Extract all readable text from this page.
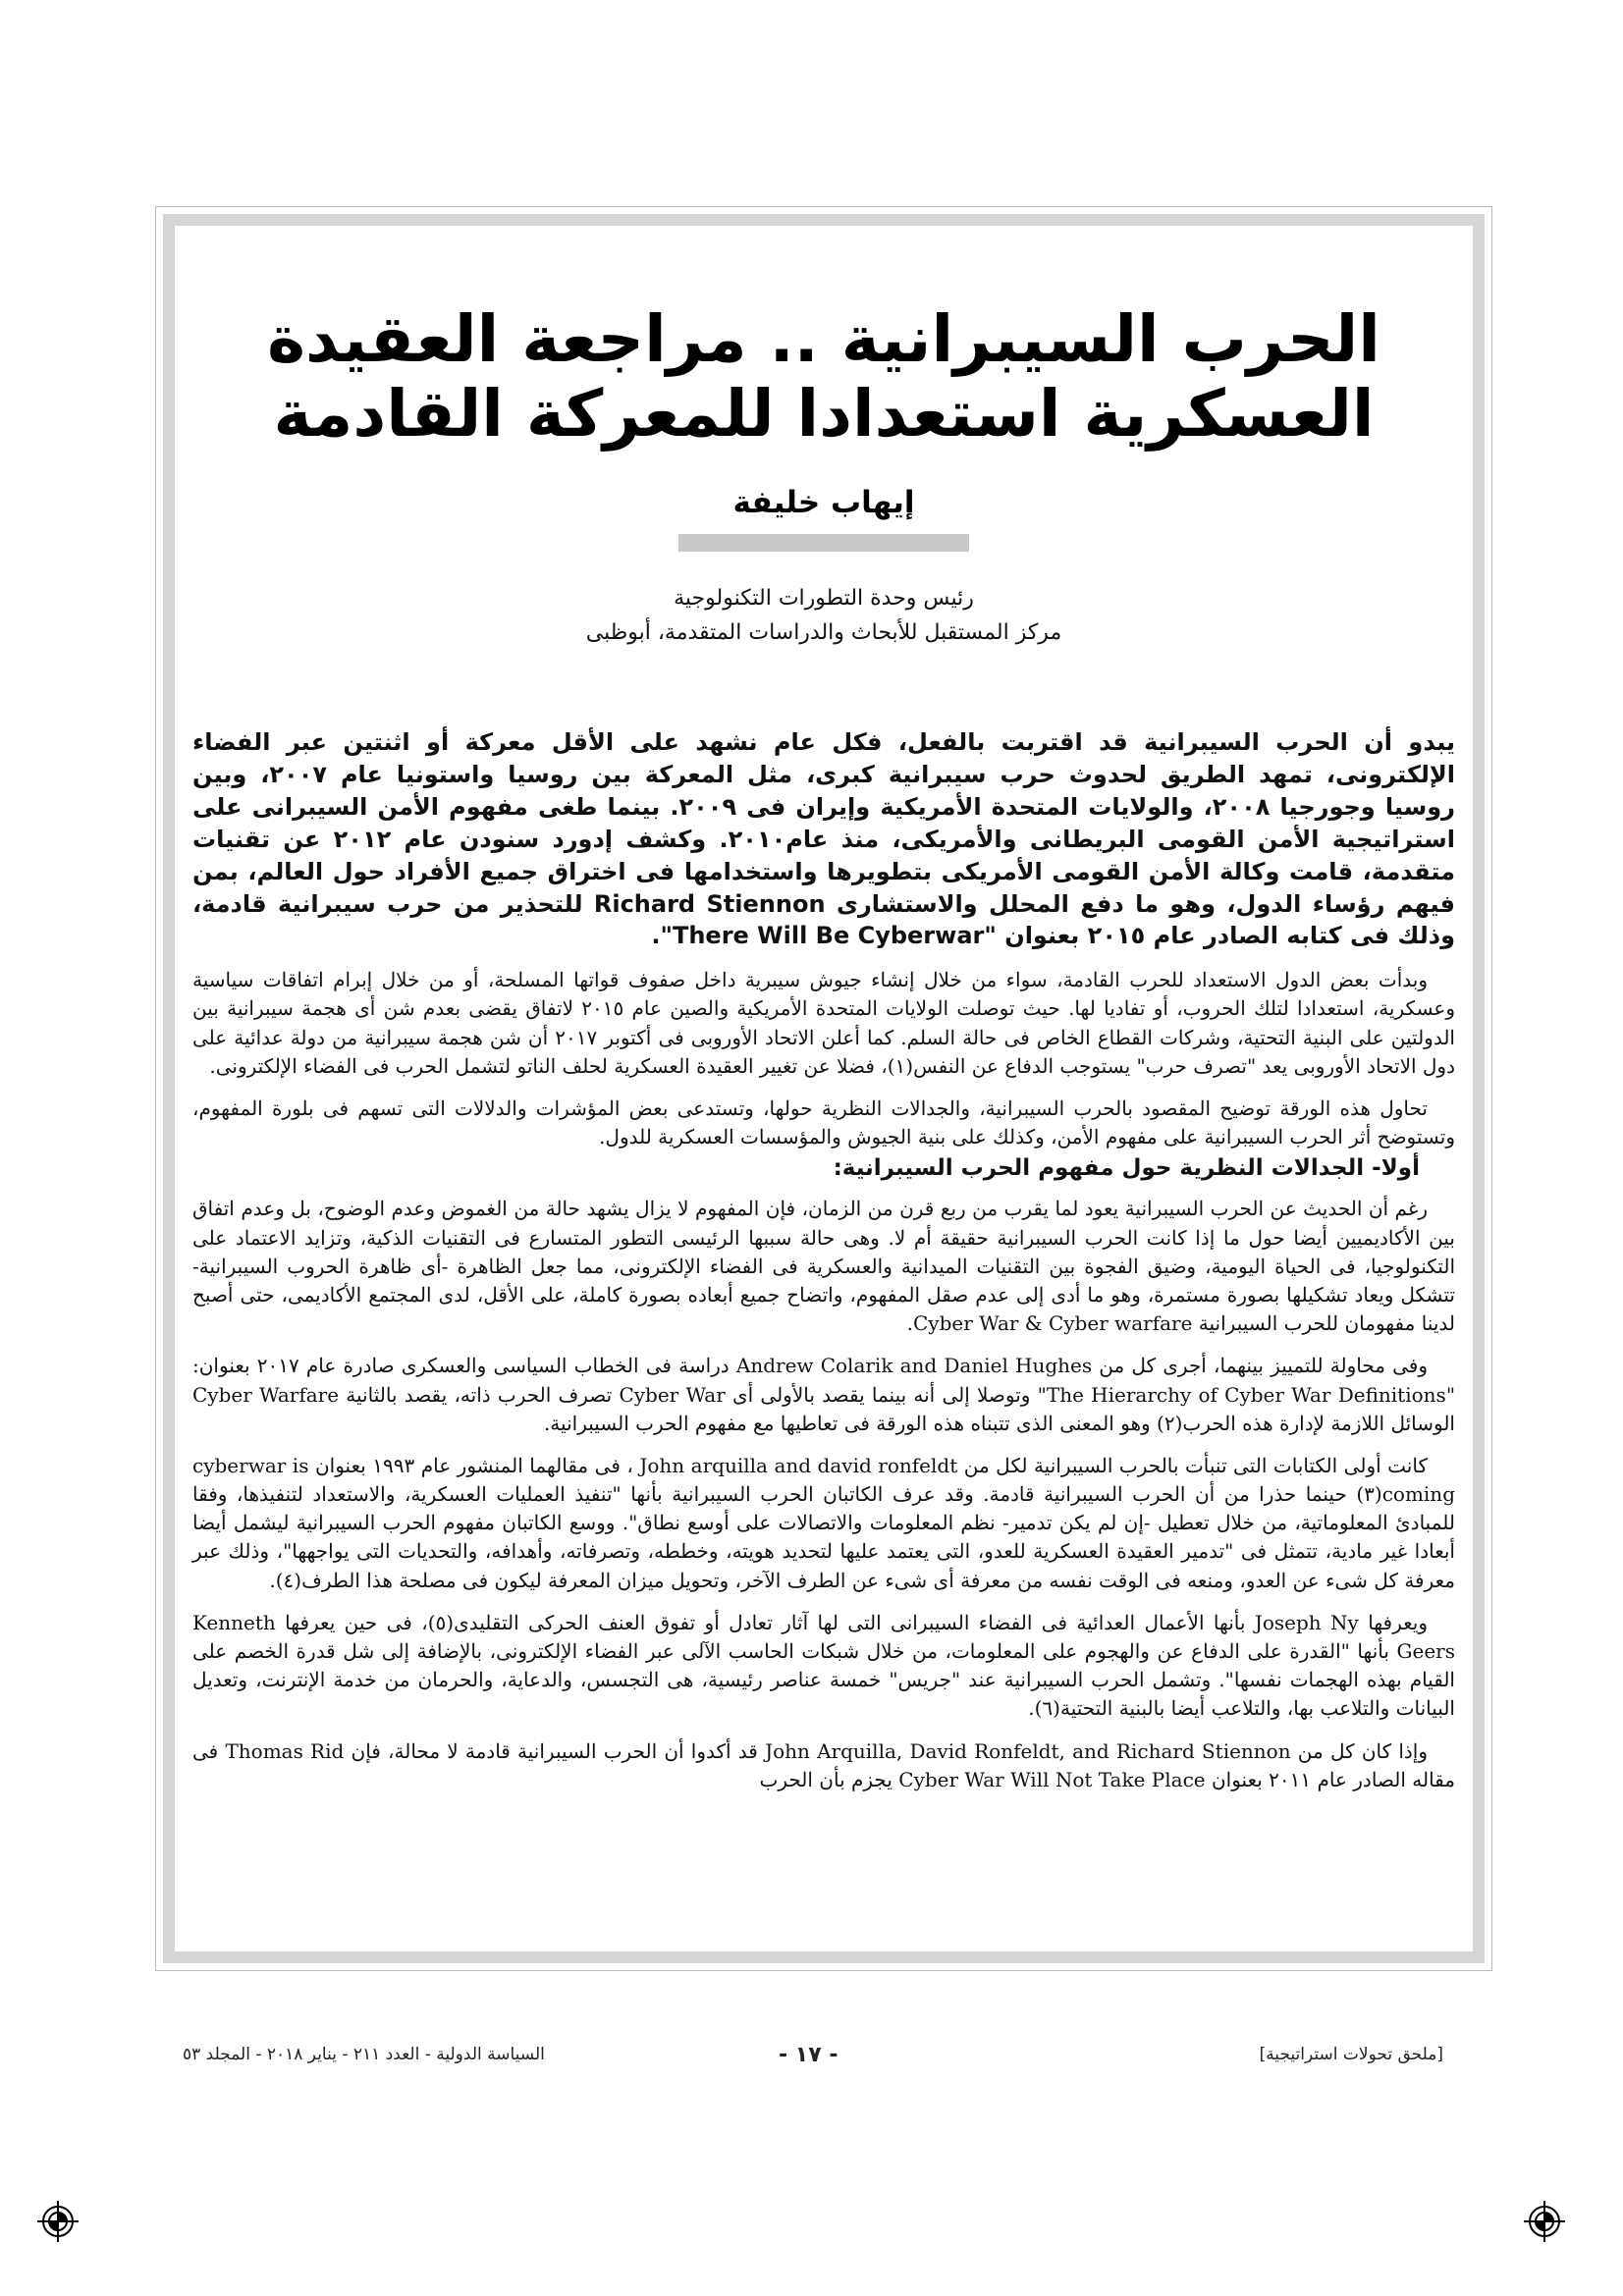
الحرب السيبرانية .. مراجعة العقيدة العسكرية استعدادا للمعركة القادمة
إيهاب خليفة
رئيس وحدة التطورات التكنولوجية
مركز المستقبل للأبحاث والدراسات المتقدمة، أبوظبى

يبدو أن الحرب السيبرانية قد اقتربت بالفعل، فكل عام نشهد على الأقل معركة أو اثنتين عبر الفضاء الإلكترونى، تمهد الطريق لحدوث حرب سيبرانية كبرى، مثل المعركة بين روسيا واستونيا عام ٢٠٠٧، وبين روسيا وجورجيا ٢٠٠٨، والولايات المتحدة الأمريكية وإيران فى ٢٠٠٩. بينما طغى مفهوم الأمن السيبرانى على استراتيجية الأمن القومى البريطانى والأمريكى، منذ عام٢٠١٠. وكشف إدورد سنودن عام ٢٠١٢ عن تقنيات متقدمة، قامت وكالة الأمن القومى الأمريكى بتطويرها واستخدامها فى اختراق جميع الأفراد حول العالم، بمن فيهم رؤساء الدول، وهو ما دفع المحلل والاستشارى Richard Stiennon للتحذير من حرب سيبرانية قادمة، وذلك فى كتابه الصادر عام ٢٠١٥ بعنوان "There Will Be Cyberwar".

وبدأت بعض الدول الاستعداد للحرب القادمة، سواء من خلال إنشاء جيوش سيبرية داخل صفوف قواتها المسلحة، أو من خلال إبرام اتفاقات سياسية وعسكرية، استعدادا لتلك الحروب، أو تفاديا لها. حيث توصلت الولايات المتحدة الأمريكية والصين عام ٢٠١٥ لاتفاق يقضى بعدم شن أى هجمة سيبرانية بين الدولتين على البنية التحتية، وشركات القطاع الخاص فى حالة السلم. كما أعلن الاتحاد الأوروبى فى أكتوبر ٢٠١٧ أن شن هجمة سيبرانية من دولة عدائية على دول الاتحاد الأوروبى يعد "تصرف حرب" يستوجب الدفاع عن النفس(١)، فضلا عن تغيير العقيدة العسكرية لحلف الناتو لتشمل الحرب فى الفضاء الإلكترونى.

تحاول هذه الورقة توضيح المقصود بالحرب السيبرانية، والجدالات النظرية حولها، وتستدعى بعض المؤشرات والدلالات التى تسهم فى بلورة المفهوم، وتستوضح أثر الحرب السيبرانية على مفهوم الأمن، وكذلك على بنية الجيوش والمؤسسات العسكرية للدول.

أولا- الجدالات النظرية حول مفهوم الحرب السيبرانية:

رغم أن الحديث عن الحرب السيبرانية يعود لما يقرب من ربع قرن من الزمان، فإن المفهوم لا يزال يشهد حالة من الغموض وعدم الوضوح، بل وعدم اتفاق بين الأكاديميين أيضا حول ما إذا كانت الحرب السيبرانية حقيقة أم لا. وهى حالة سببها الرئيسى التطور المتسارع فى التقنيات الذكية، وتزايد الاعتماد على التكنولوجيا، فى الحياة اليومية، وضيق الفجوة بين التقنيات الميدانية والعسكرية فى الفضاء الإلكترونى، مما جعل الظاهرة -أى ظاهرة الحروب السيبرانية- تتشكل ويعاد تشكيلها بصورة مستمرة، وهو ما أدى إلى عدم صقل المفهوم، واتضاح جميع أبعاده بصورة كاملة، على الأقل، لدى المجتمع الأكاديمى، حتى أصبح لدينا مفهومان للحرب السيبرانية Cyber War & Cyber warfare.

وفى محاولة للتمييز بينهما، أجرى كل من Andrew Colarik and Daniel Hughes دراسة فى الخطاب السياسى والعسكرى صادرة عام ٢٠١٧ بعنوان: "The Hierarchy of Cyber War Definitions" وتوصلا إلى أنه بينما يقصد بالأولى أى Cyber War تصرف الحرب ذاته، يقصد بالثانية Cyber Warfare الوسائل اللازمة لإدارة هذه الحرب(٢) وهو المعنى الذى تتبناه هذه الورقة فى تعاطيها مع مفهوم الحرب السيبرانية.

كانت أولى الكتابات التى تنبأت بالحرب السيبرانية لكل من John arquilla and david ronfeldt ، فى مقالهما المنشور عام ١٩٩٣ بعنوان cyberwar is coming(٣) حينما حذرا من أن الحرب السيبرانية قادمة. وقد عرف الكاتبان الحرب السيبرانية بأنها "تنفيذ العمليات العسكرية، والاستعداد لتنفيذها، وفقا للمبادئ المعلوماتية، من خلال تعطيل -إن لم يكن تدمير- نظم المعلومات والاتصالات على أوسع نطاق". ووسع الكاتبان مفهوم الحرب السيبرانية ليشمل أيضا أبعادا غير مادية، تتمثل فى "تدمير العقيدة العسكرية للعدو، التى يعتمد عليها لتحديد هويته، وخططه، وتصرفاته، وأهدافه، والتحديات التى يواجهها"، وذلك عبر معرفة كل شىء عن العدو، ومنعه فى الوقت نفسه من معرفة أى شىء عن الطرف الآخر، وتحويل ميزان المعرفة ليكون فى مصلحة هذا الطرف(٤).

ويعرفها Joseph Ny بأنها الأعمال العدائية فى الفضاء السيبرانى التى لها آثار تعادل أو تفوق العنف الحركى التقليدى(٥)، فى حين يعرفها Kenneth Geers بأنها "القدرة على الدفاع عن والهجوم على المعلومات، من خلال شبكات الحاسب الآلى عبر الفضاء الإلكترونى، بالإضافة إلى شل قدرة الخصم على القيام بهذه الهجمات نفسها". وتشمل الحرب السيبرانية عند "جريس" خمسة عناصر رئيسية، هى التجسس، والدعاية، والحرمان من خدمة الإنترنت، وتعديل البيانات والتلاعب بها، والتلاعب أيضا بالبنية التحتية(٦).

وإذا كان كل من John Arquilla, David Ronfeldt, and Richard Stiennon قد أكدوا أن الحرب السيبرانية قادمة لا محالة، فإن Thomas Rid فى مقاله الصادر عام ٢٠١١ بعنوان Cyber War Will Not Take Place يجزم بأن الحرب

السياسة الدولية - العدد ٢١١ - يناير ٢٠١٨ - المجلد ٥٣	- ١٧ -	[ملحق تحولات استراتيجية]
